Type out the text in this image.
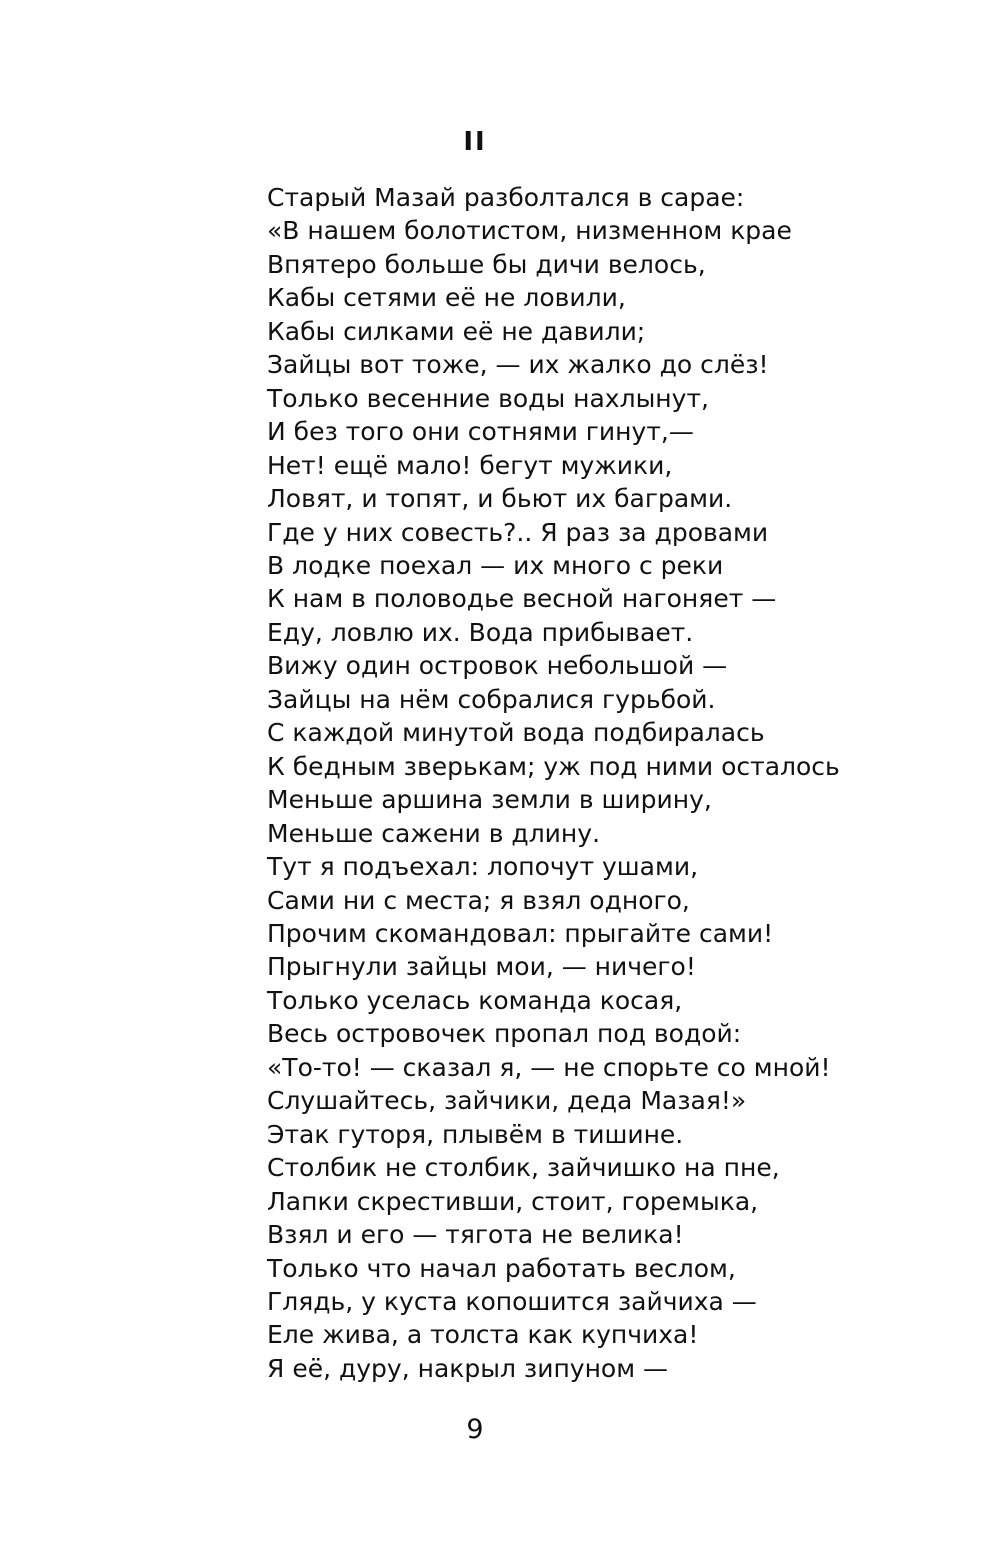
II
Старый Мазай разболтался в сарае:
«В нашем болотистом, низменном крае
Впятеро больше бы дичи велось,
Кабы сетями её не ловили,
Кабы силками её не давили;
Зайцы вот тоже, — их жалко до слёз!
Только весенние воды нахлынут,
И без того они сотнями гинут,—
Нет! ещё мало! бегут мужики,
Ловят, и топят, и бьют их баграми.
Где у них совесть?.. Я раз за дровами
В лодке поехал — их много с реки
К нам в половодье весной нагоняет —
Еду, ловлю их. Вода прибывает.
Вижу один островок небольшой —
Зайцы на нём собралися гурьбой.
С каждой минутой вода подбиралась
К бедным зверькам; уж под ними осталось
Меньше аршина земли в ширину,
Меньше сажени в длину.
Тут я подъехал: лопочут ушами,
Сами ни с места; я взял одного,
Прочим скомандовал: прыгайте сами!
Прыгнули зайцы мои, — ничего!
Только уселась команда косая,
Весь островочек пропал под водой:
«То-то! — сказал я, — не спорьте со мной!
Слушайтесь, зайчики, деда Мазая!»
Этак гуторя, плывём в тишине.
Столбик не столбик, зайчишко на пне,
Лапки скрестивши, стоит, горемыка,
Взял и его — тягота не велика!
Только что начал работать веслом,
Глядь, у куста копошится зайчиха —
Еле жива, а толста как купчиха!
Я её, дуру, накрыл зипуном —
9
